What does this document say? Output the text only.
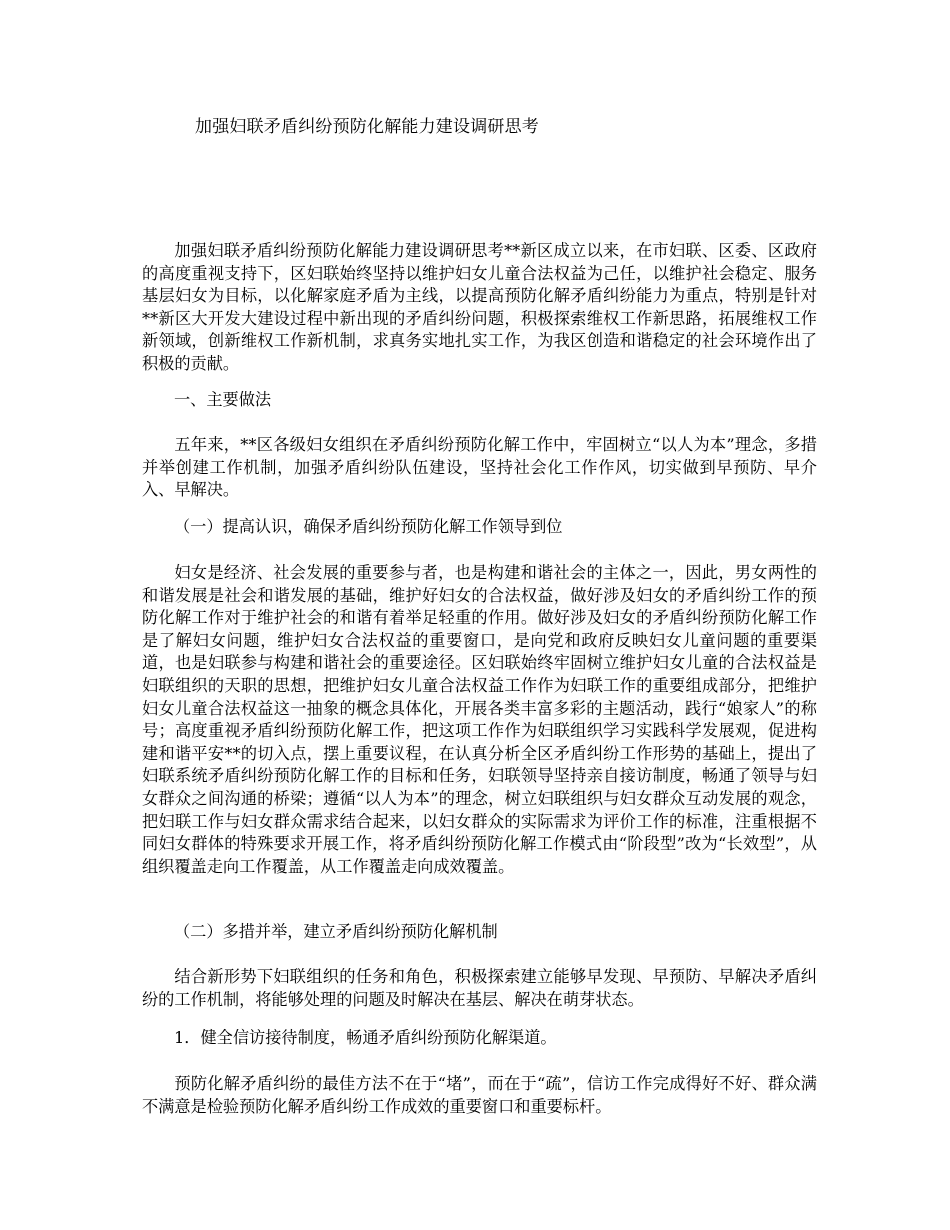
加强妇联矛盾纠纷预防化解能力建设调研思考

加强妇联矛盾纠纷预防化解能力建设调研思考**新区成立以来，在市妇联、区委、区政府的高度重视支持下，区妇联始终坚持以维护妇女儿童合法权益为己任，以维护社会稳定、服务基层妇女为目标，以化解家庭矛盾为主线，以提高预防化解矛盾纠纷能力为重点，特别是针对**新区大开发大建设过程中新出现的矛盾纠纷问题，积极探索维权工作新思路，拓展维权工作新领域，创新维权工作新机制，求真务实地扎实工作，为我区创造和谐稳定的社会环境作出了积极的贡献。

一、主要做法

五年来，**区各级妇女组织在矛盾纠纷预防化解工作中，牢固树立“以人为本”理念，多措并举创建工作机制，加强矛盾纠纷队伍建设，坚持社会化工作作风，切实做到早预防、早介入、早解决。

（一）提高认识，确保矛盾纠纷预防化解工作领导到位

妇女是经济、社会发展的重要参与者，也是构建和谐社会的主体之一，因此，男女两性的和谐发展是社会和谐发展的基础，维护好妇女的合法权益，做好涉及妇女的矛盾纠纷工作的预防化解工作对于维护社会的和谐有着举足轻重的作用。做好涉及妇女的矛盾纠纷预防化解工作是了解妇女问题，维护妇女合法权益的重要窗口，是向党和政府反映妇女儿童问题的重要渠道，也是妇联参与构建和谐社会的重要途径。区妇联始终牢固树立维护妇女儿童的合法权益是妇联组织的天职的思想，把维护妇女儿童合法权益工作作为妇联工作的重要组成部分，把维护妇女儿童合法权益这一抽象的概念具体化，开展各类丰富多彩的主题活动，践行“娘家人”的称号；高度重视矛盾纠纷预防化解工作，把这项工作作为妇联组织学习实践科学发展观，促进构建和谐平安**的切入点，摆上重要议程，在认真分析全区矛盾纠纷工作形势的基础上，提出了妇联系统矛盾纠纷预防化解工作的目标和任务，妇联领导坚持亲自接访制度，畅通了领导与妇女群众之间沟通的桥梁；遵循“以人为本”的理念，树立妇联组织与妇女群众互动发展的观念，把妇联工作与妇女群众需求结合起来，以妇女群众的实际需求为评价工作的标准，注重根据不同妇女群体的特殊要求开展工作，将矛盾纠纷预防化解工作模式由“阶段型”改为“长效型”，从组织覆盖走向工作覆盖，从工作覆盖走向成效覆盖。

（二）多措并举，建立矛盾纠纷预防化解机制

结合新形势下妇联组织的任务和角色，积极探索建立能够早发现、早预防、早解决矛盾纠纷的工作机制，将能够处理的问题及时解决在基层、解决在萌芽状态。

1．健全信访接待制度，畅通矛盾纠纷预防化解渠道。

预防化解矛盾纠纷的最佳方法不在于“堵”，而在于“疏”，信访工作完成得好不好、群众满不满意是检验预防化解矛盾纠纷工作成效的重要窗口和重要标杆。
